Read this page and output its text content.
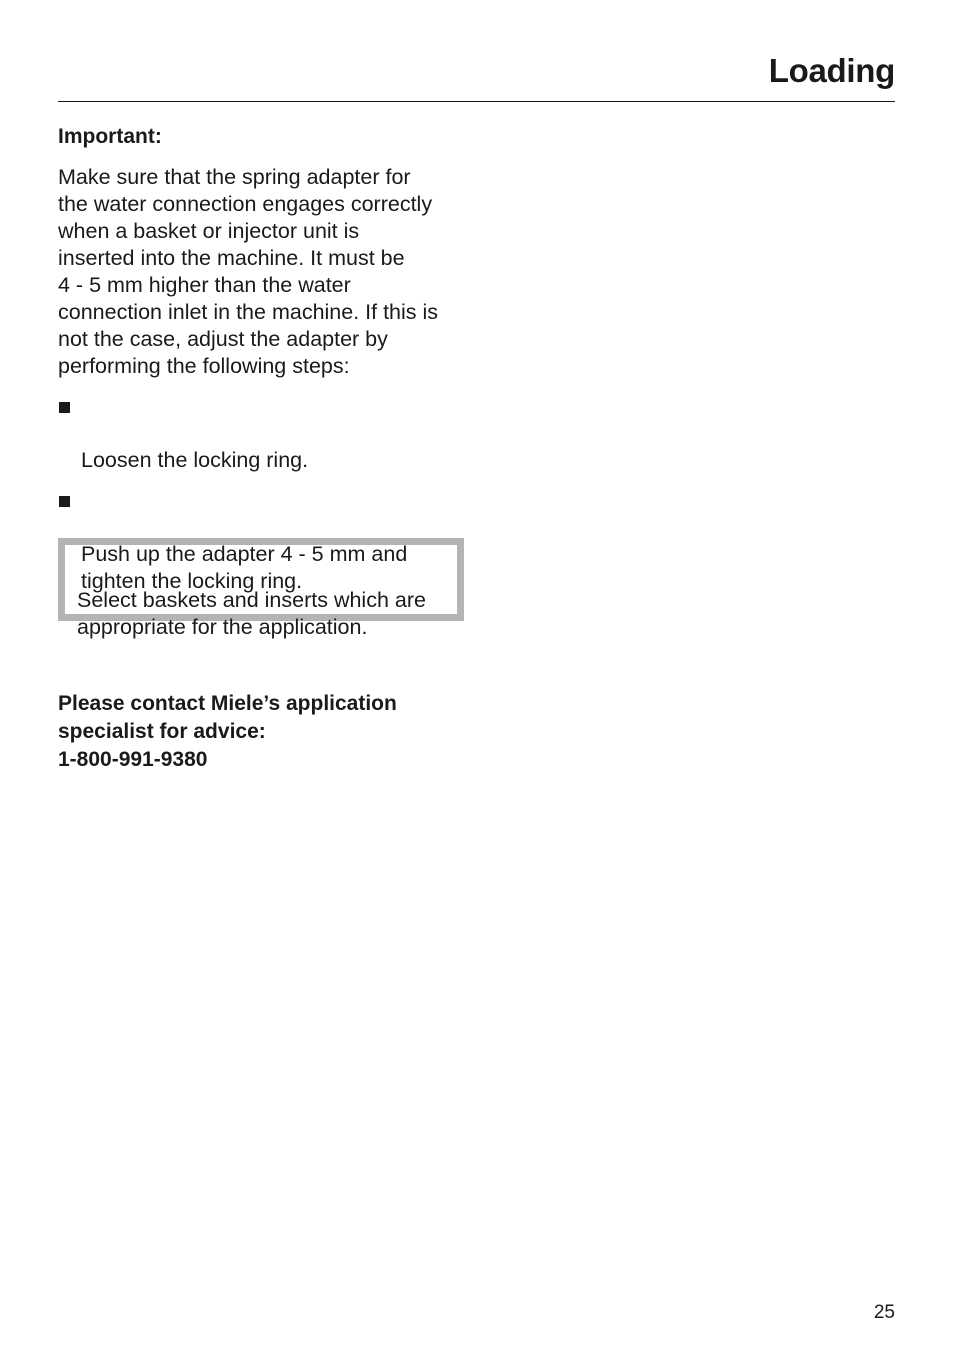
Loading
Important:

Make sure that the spring adapter for
the water connection engages correctly
when a basket or injector unit is
inserted into the machine. It must be
4 - 5 mm higher than the water
connection inlet in the machine. If this is
not the case, adjust the adapter by
performing the following steps:

Loosen the locking ring.

Push up the adapter 4 - 5 mm and
tighten the locking ring.

Select baskets and inserts which are
appropriate for the application.

Please contact Miele’s application
specialist for advice:
1-800-991-9380

25
